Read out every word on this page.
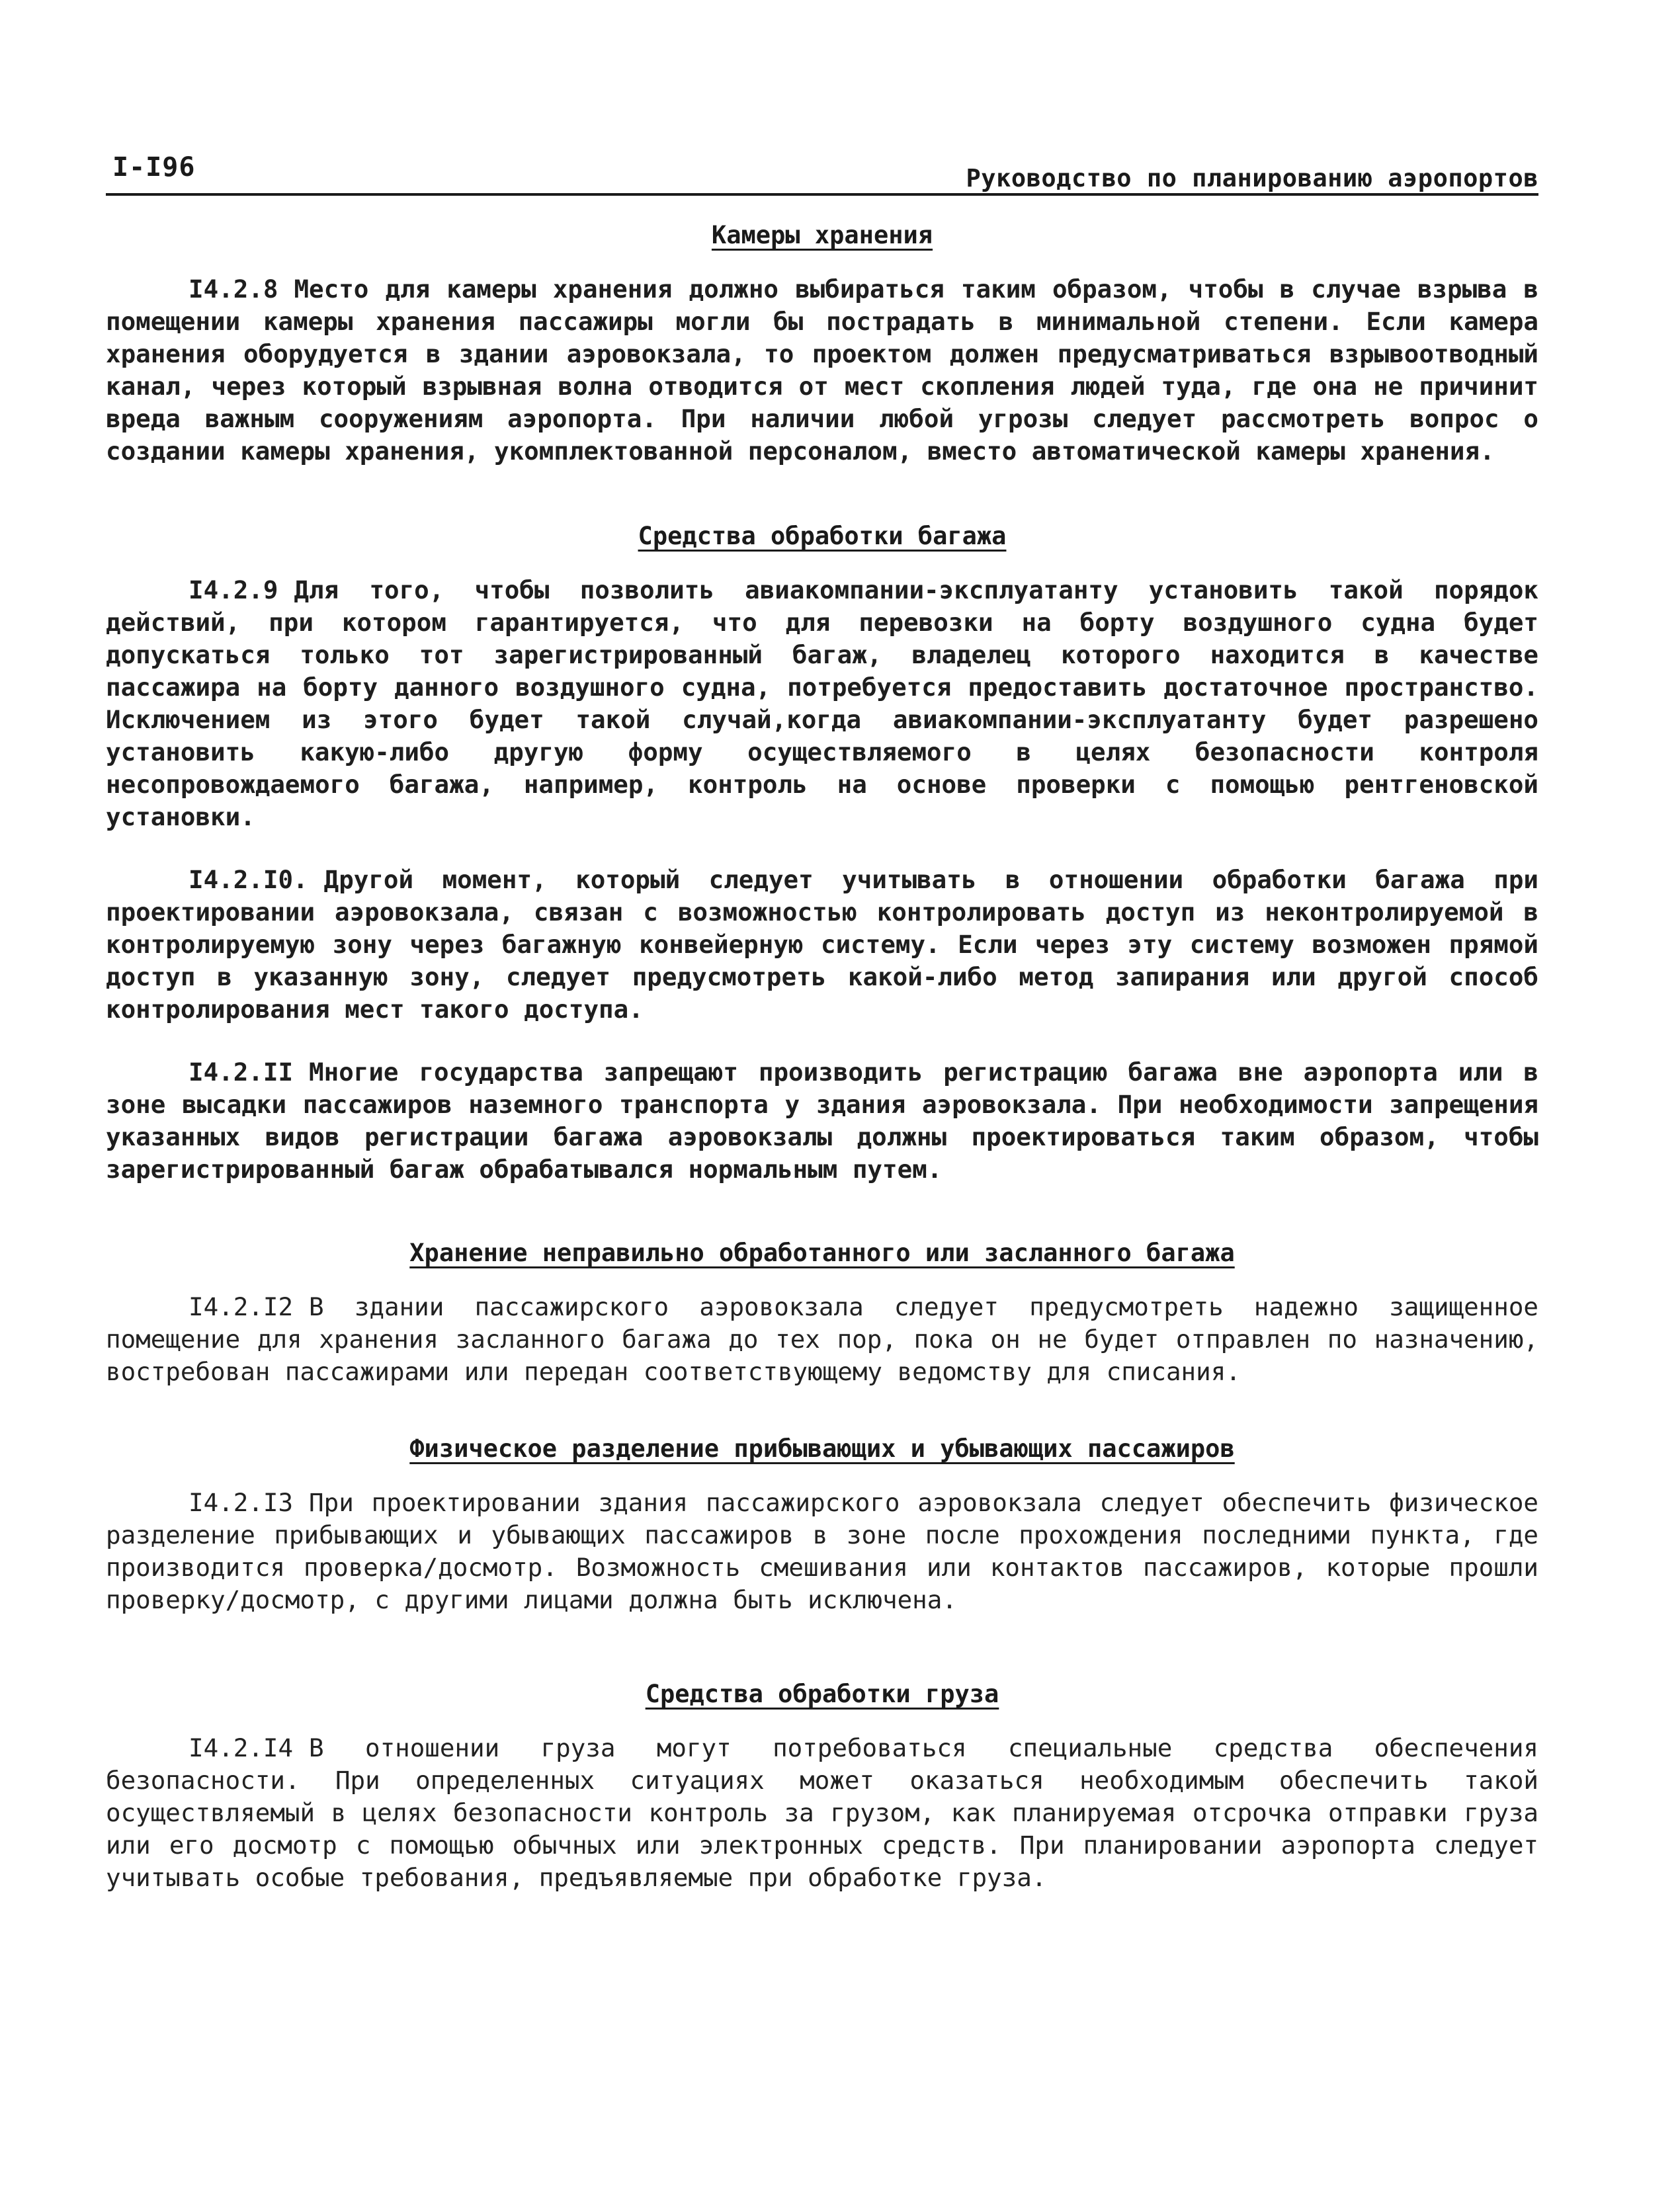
I-I96	Руководство по планированию аэропортов
Камеры хранения

I4.2.8 Место для камеры хранения должно выбираться таким образом, чтобы в случае взрыва в помещении камеры хранения пассажиры могли бы пострадать в минимальной степени. Если камера хранения оборудуется в здании аэровокзала, то проектом должен предусматриваться взрывоотводный канал, через который взрывная волна отводится от мест скопления людей туда, где она не причинит вреда важным сооружениям аэропорта. При наличии любой угрозы следует рассмотреть вопрос о создании камеры хранения, укомплектованной персоналом, вместо автоматической камеры хранения.

Средства обработки багажа

I4.2.9 Для того, чтобы позволить авиакомпании-эксплуатанту установить такой порядок действий, при котором гарантируется, что для перевозки на борту воздушного судна будет допускаться только тот зарегистрированный багаж, владелец которого находится в качестве пассажира на борту данного воздушного судна, потребуется предоставить достаточное пространство. Исключением из этого будет такой случай,когда авиакомпании-эксплуатанту будет разрешено установить какую-либо другую форму осуществляемого в целях безопасности контроля несопровождаемого багажа, например, контроль на основе проверки с помощью рентгеновской установки.

I4.2.I0. Другой момент, который следует учитывать в отношении обработки багажа при проектировании аэровокзала, связан с возможностью контролировать доступ из неконтролируемой в контролируемую зону через багажную конвейерную систему. Если через эту систему возможен прямой доступ в указанную зону, следует предусмотреть какой-либо метод запирания или другой способ контролирования мест такого доступа.

I4.2.II Многие государства запрещают производить регистрацию багажа вне аэропорта или в зоне высадки пассажиров наземного транспорта у здания аэровокзала. При необходимости запрещения указанных видов регистрации багажа аэровокзалы должны проектироваться таким образом, чтобы зарегистрированный багаж обрабатывался нормальным путем.

Хранение неправильно обработанного или засланного багажа

I4.2.I2 В здании пассажирского аэровокзала следует предусмотреть надежно защищенное помещение для хранения засланного багажа до тех пор, пока он не будет отправлен по назначению, востребован пассажирами или передан соответствующему ведомству для списания.

Физическое разделение прибывающих и убывающих пассажиров

I4.2.I3 При проектировании здания пассажирского аэровокзала следует обеспечить физическое разделение прибывающих и убывающих пассажиров в зоне после прохождения последними пункта, где производится проверка/досмотр. Возможность смешивания или контактов пассажиров, которые прошли проверку/досмотр, с другими лицами должна быть исключена.

Средства обработки груза

I4.2.I4 В отношении груза могут потребоваться специальные средства обеспечения безопасности. При определенных ситуациях может оказаться необходимым обеспечить такой осуществляемый в целях безопасности контроль за грузом, как планируемая отсрочка отправки груза или его досмотр с помощью обычных или электронных средств. При планировании аэропорта следует учитывать особые требования, предъявляемые при обработке груза.
